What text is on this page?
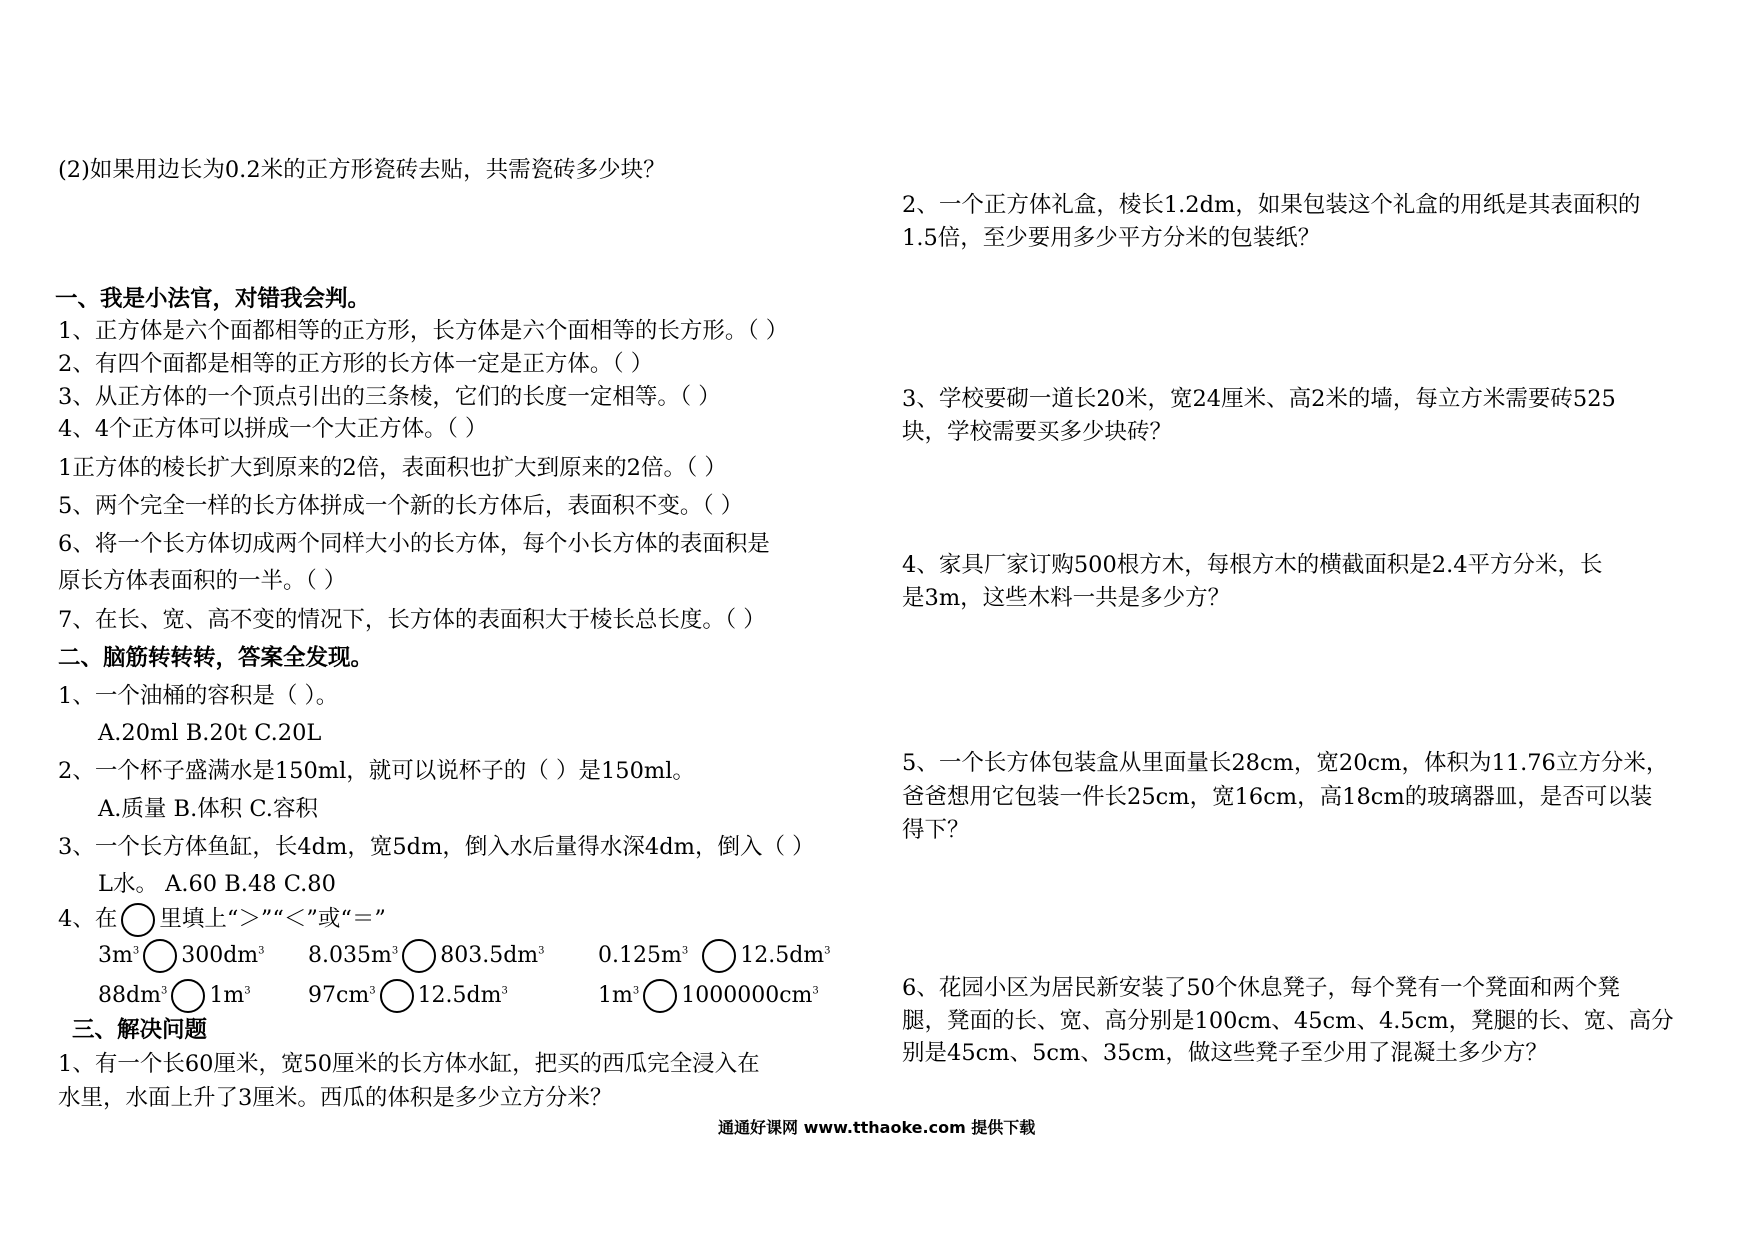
(2)如果用边长为0.2米的正方形瓷砖去贴，共需瓷砖多少块？
一、我是小法官，对错我会判。
1、正方体是六个面都相等的正方形，长方体是六个面相等的长方形。（ ）
2、有四个面都是相等的正方形的长方体一定是正方体。（ ）
3、从正方体的一个顶点引出的三条棱，它们的长度一定相等。（ ）
4、4个正方体可以拼成一个大正方体。（ ）
1正方体的棱长扩大到原来的2倍，表面积也扩大到原来的2倍。（ ）
5、两个完全一样的长方体拼成一个新的长方体后，表面积不变。（ ）
6、将一个长方体切成两个同样大小的长方体，每个小长方体的表面积是
原长方体表面积的一半。（ ）
7、在长、宽、高不变的情况下，长方体的表面积大于棱长总长度。（ ）
二、脑筋转转转，答案全发现。
1、一个油桶的容积是（ ）。
A.20ml B.20t C.20L
2、一个杯子盛满水是150ml，就可以说杯子的（ ）是150ml。
A.质量 B.体积 C.容积
3、一个长方体鱼缸，长4dm，宽5dm，倒入水后量得水深4dm，倒入（ ）
L水。 A.60 B.48 C.80
4、在 里填上“＞”“＜”或“＝”
$3m^3$ $300dm^3$ $8.035m^3$ $803.5dm^3$ $0.125m^3$ $12.5dm^3$
$88dm^3$ $1m^3$	$97cm^3$ $12.5dm^3$	$1m^3$ $1000000cm^3$
三、解决问题
1、有一个长60厘米，宽50厘米的长方体水缸，把买的西瓜完全浸入在
水里，水面上升了3厘米。西瓜的体积是多少立方分米？
2、一个正方体礼盒，棱长1.2dm，如果包装这个礼盒的用纸是其表面积的
1.5倍，至少要用多少平方分米的包装纸？
3、学校要砌一道长20米，宽24厘米、高2米的墙，每立方米需要砖525
块，学校需要买多少块砖？
4、家具厂家订购500根方木，每根方木的横截面积是2.4平方分米，长
是3m，这些木料一共是多少方？
5、一个长方体包装盒从里面量长28cm，宽20cm，体积为11.76立方分米，
爸爸想用它包装一件长25cm，宽16cm，高18cm的玻璃器皿，是否可以装
得下？
6、花园小区为居民新安装了50个休息凳子，每个凳有一个凳面和两个凳
腿，凳面的长、宽、高分别是100cm、45cm、4.5cm，凳腿的长、宽、高分
别是45cm、5cm、35cm，做这些凳子至少用了混凝土多少方？
通通好课网 www.tthaoke.com 提供下载
